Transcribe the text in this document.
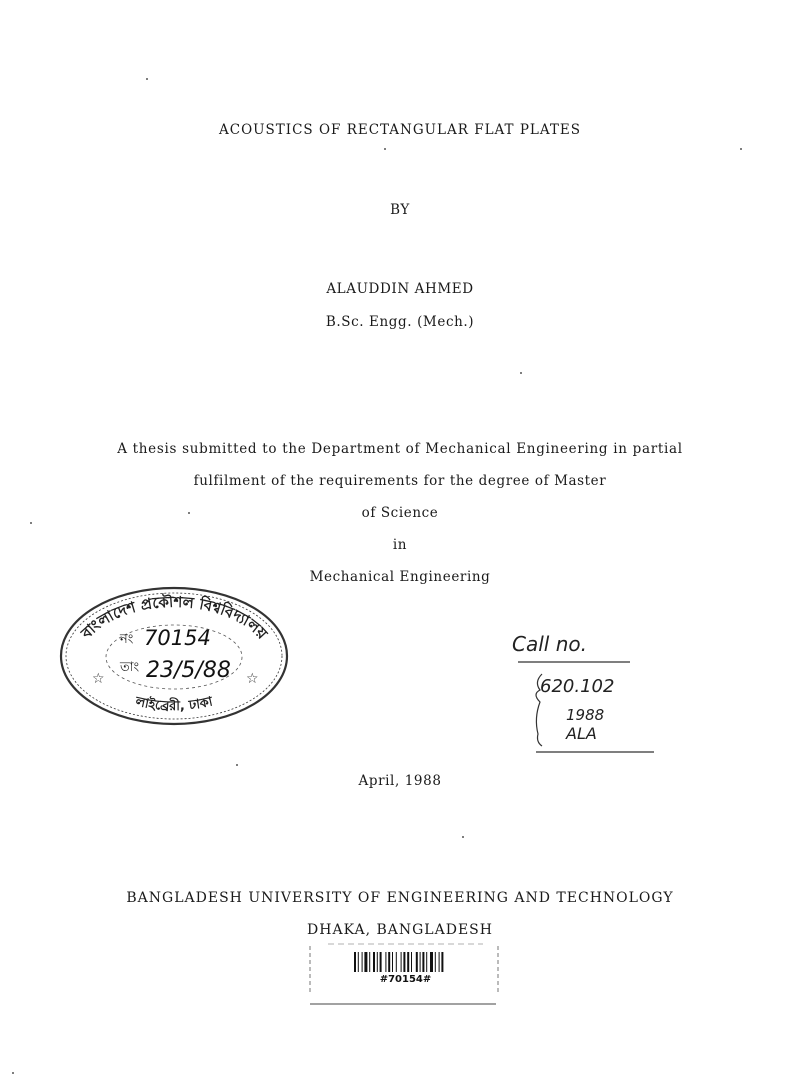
ACOUSTICS OF RECTANGULAR FLAT PLATES
BY
ALAUDDIN AHMED
B.Sc. Engg. (Mech.)
A thesis submitted to the Department of Mechanical Engineering in partial
fulfilment of the requirements for the degree of Master
of Science
in
Mechanical Engineering
বাংলাদেশ প্রকৌশল বিশ্ববিদ্যালয়
লাইব্রেরী, ঢাকা
নং 70154
তাং 23/5/88
☆	☆
Call no.
620.102
1988
ALA
April, 1988
BANGLADESH UNIVERSITY OF ENGINEERING AND TECHNOLOGY
DHAKA, BANGLADESH
#70154#
